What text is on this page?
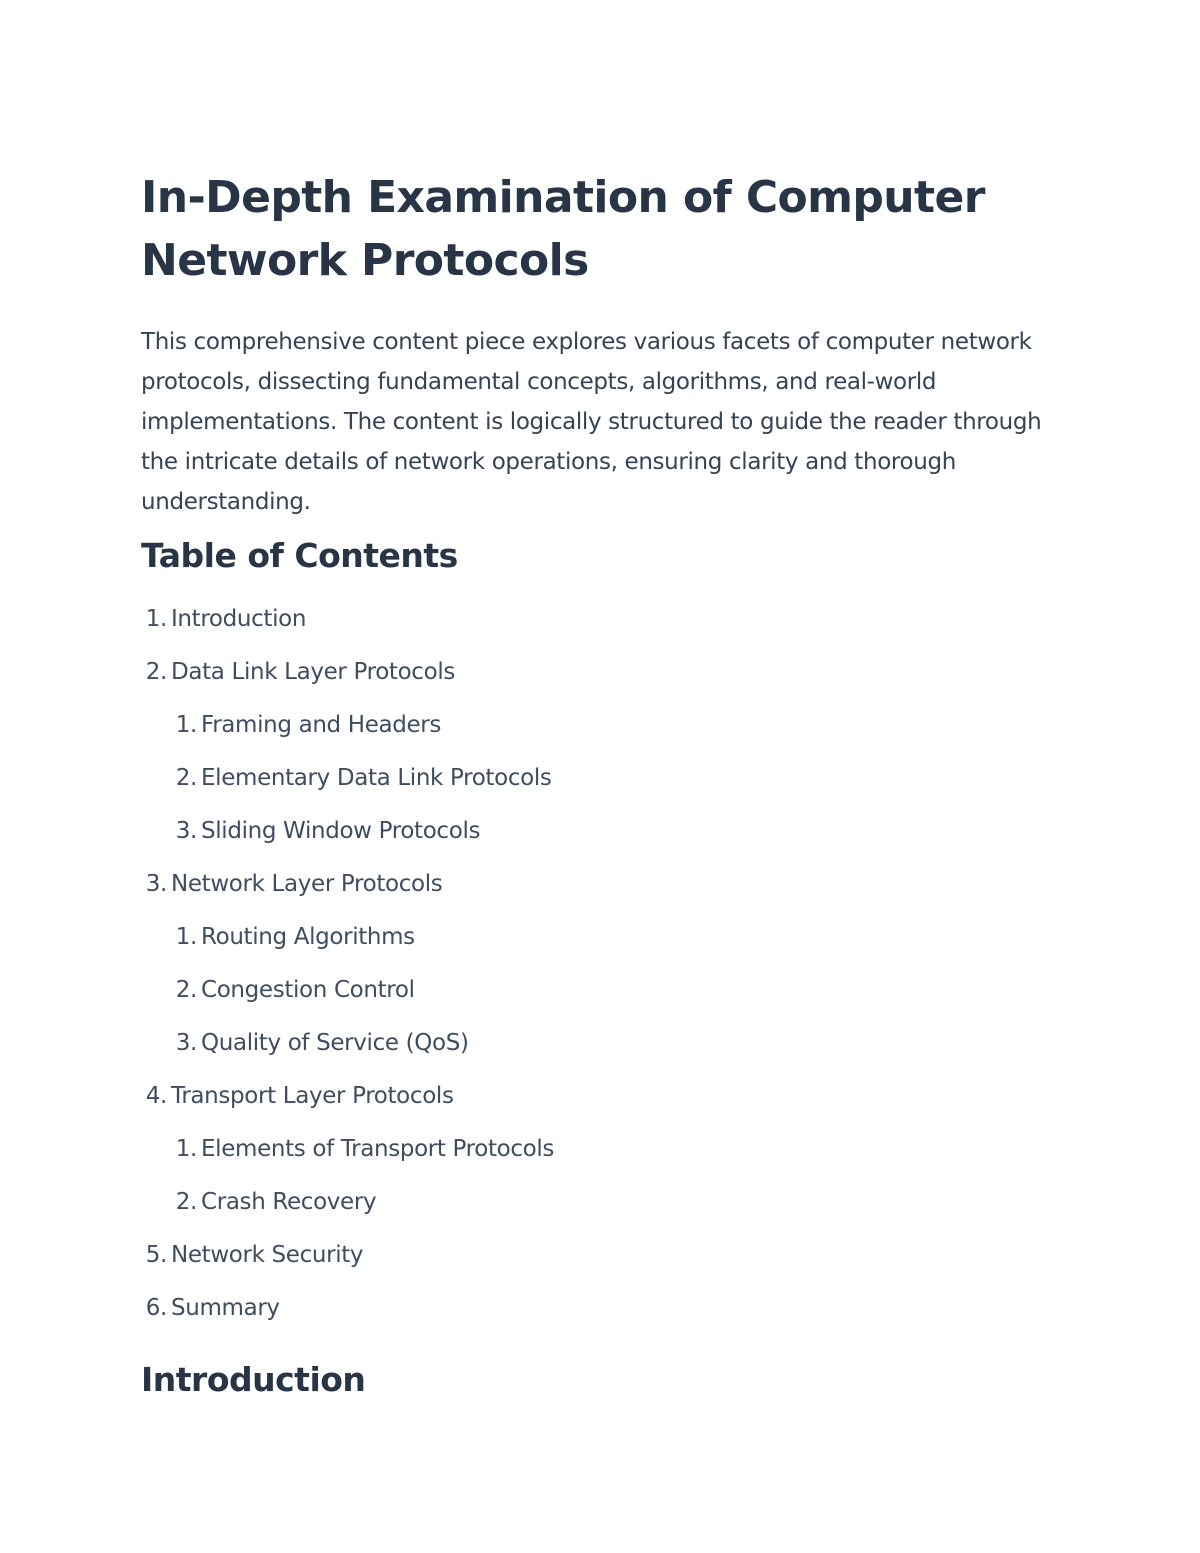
In-Depth Examination of Computer Network Protocols

This comprehensive content piece explores various facets of computer network protocols, dissecting fundamental concepts, algorithms, and real-world implementations. The content is logically structured to guide the reader through the intricate details of network operations, ensuring clarity and thorough understanding.

Table of Contents
1. Introduction
2. Data Link Layer Protocols
1. Framing and Headers
2. Elementary Data Link Protocols
3. Sliding Window Protocols
3. Network Layer Protocols
1. Routing Algorithms
2. Congestion Control
3. Quality of Service (QoS)
4. Transport Layer Protocols
1. Elements of Transport Protocols
2. Crash Recovery
5. Network Security
6. Summary
Introduction
